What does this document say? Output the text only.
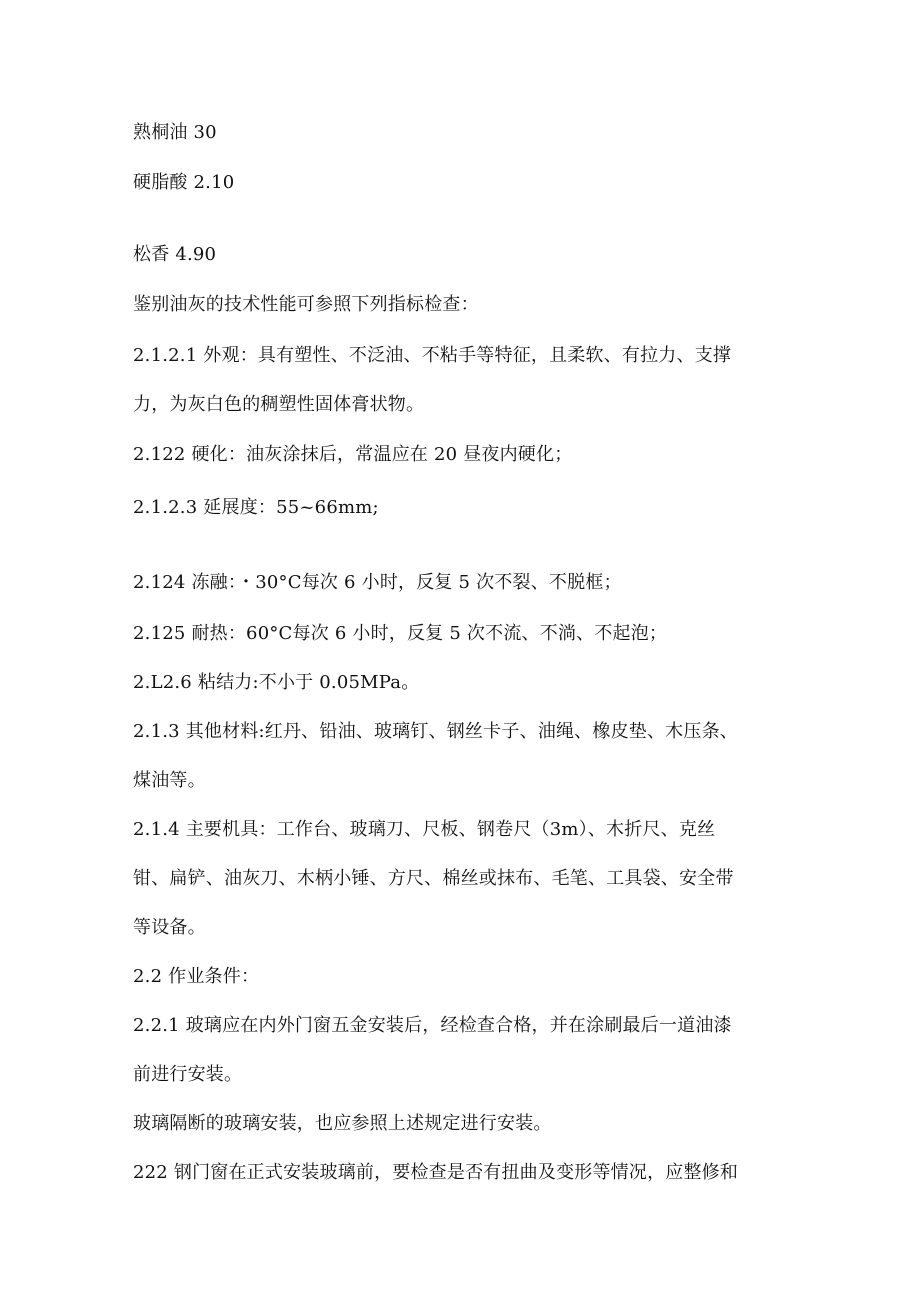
熟桐油 30
硬脂酸 2.10
松香 4.90
鉴别油灰的技术性能可参照下列指标检查：
2.1.2.1 外观：具有塑性、不泛油、不粘手等特征，且柔软、有拉力、支撑
力，为灰白色的稠塑性固体膏状物。
2.122 硬化：油灰涂抹后，常温应在 20 昼夜内硬化；
2.1.2.3 延展度：55~66mm;
2.124 冻融：・30°C每次 6 小时，反复 5 次不裂、不脱框；
2.125 耐热：60°C每次 6 小时，反复 5 次不流、不淌、不起泡；
2.L2.6 粘结力:不小于 0.05MPa。
2.1.3 其他材料:红丹、铅油、玻璃钉、钢丝卡子、油绳、橡皮垫、木压条、
煤油等。
2.1.4 主要机具：工作台、玻璃刀、尺板、钢卷尺（3m）、木折尺、克丝
钳、扁铲、油灰刀、木柄小锤、方尺、棉丝或抹布、毛笔、工具袋、安全带
等设备。
2.2 作业条件：
2.2.1 玻璃应在内外门窗五金安装后，经检查合格，并在涂刷最后一道油漆
前进行安装。
玻璃隔断的玻璃安装，也应参照上述规定进行安装。
222 钢门窗在正式安装玻璃前，要检查是否有扭曲及变形等情况，应整修和
